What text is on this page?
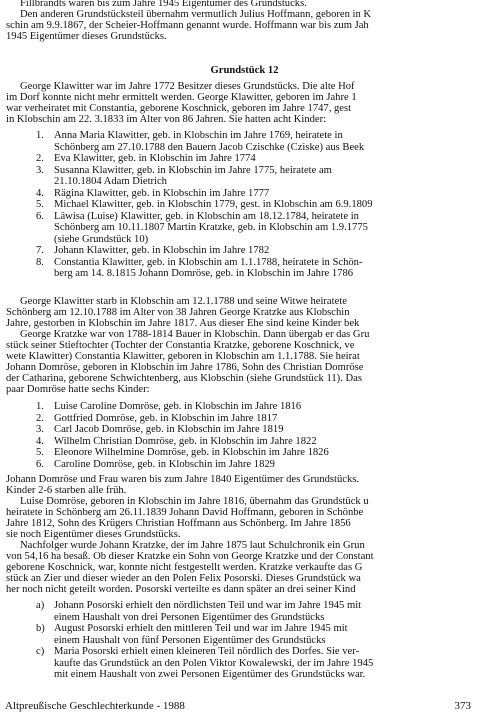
Fillbrandts waren bis zum Jahre 1945 Eigentümer des Grundstücks.

Den anderen Grundstücksteil übernahm vermutlich Julius Hoffmann, geboren in K

schin am 9.9.1867, der Scheier-Hoffmann genannt wurde. Hoffmann war bis zum Jah

1945 Eigentümer dieses Grundstücks.

Grundstück 12

George Klawitter war im Jahre 1772 Besitzer dieses Grundstücks. Die alte Hof

im Dorf konnte nicht mehr ermittelt werden. George Klawitter, geboren im Jahre 1

war verheiratet mit Constantia, geborene Koschnick, geboren im Jahre 1747, gest

in Klobschin am 22. 3.1833 im Alter von 86 Jahren. Sie hatten acht Kinder:

1. Anna Maria Klawitter, geb. in Klobschin im Jahre 1769, heiratete in
Schönberg am 27.10.1788 den Bauern Jacob Czischke (Cziske) aus Beek
2. Eva Klawitter, geb. in Klobschin im Jahre 1774
3. Susanna Klawitter, geb. in Klobschin im Jahre 1775, heiratete am
21.10.1804 Adam Dietrich
4. Rägina Klawitter, geb. in Klobschin im Jahre 1777
5. Michael Klawitter, geb. in Klobschin 1779, gest. in Klobschin am 6.9.1809
6. Läwisa (Luise) Klawitter, geb. in Klobschin am 18.12.1784, heiratete in
Schönberg am 10.11.1807 Martin Kratzke, geb. in Klobschin am 1.9.1775
(siehe Grundstück 10)
7. Johann Klawitter, geb. in Klobschin im Jahre 1782
8. Constantia Klawitter, geb. in Klobschin am 1.1.1788, heiratete in Schön-
berg am 14. 8.1815 Johann Domröse, geb. in Klobschin im Jahre 1786

George Klawitter starb in Klobschin am 12.1.1788 und seine Witwe heiratete

Schönberg am 12.10.1788 im Alter von 38 Jahren George Kratzke aus Klobschin

Jahre, gestorben in Klobschin im Jahre 1817. Aus dieser Ehe sind keine Kinder bek

George Kratzke war von 1788-1814 Bauer in Klobschin. Dann übergab er das Gru

stück seiner Stieftochter (Tochter der Constantia Kratzke, geborene Koschnick, ve

wete Klawitter) Constantia Klawitter, geboren in Klobschin am 1.1.1788. Sie heirat

Johann Domröse, geboren in Klobschin im Jahre 1786, Sohn des Christian Domröse

der Catharina, geborene Schwichtenberg, aus Klobschin (siehe Grundstück 11). Das

paar Domröse hatte sechs Kinder:

1. Luise Caroline Domröse, geb. in Klobschin im Jahre 1816
2. Gottfried Domröse, geb. in Klobschin im Jahre 1817
3. Carl Jacob Domröse, geb. in Klobschin im Jahre 1819
4. Wilhelm Christian Domröse, geb. in Klobschin im Jahre 1822
5. Eleonore Wilhelmine Domröse, geb. in Klobschin im Jahre 1826
6. Caroline Domröse, geb. in Klobschin im Jahre 1829

Johann Domröse und Frau waren bis zum Jahre 1840 Eigentümer des Grundstücks.

Kinder 2-6 starben alle früh.

Luise Domröse, geboren in Klobschin im Jahre 1816, übernahm das Grundstück u

heiratete in Schönberg am 26.11.1839 Johann David Hoffmann, geboren in Schönbe

Jahre 1812, Sohn des Krügers Christian Hoffmann aus Schönberg. Im Jahre 1856

sie noch Eigentümer dieses Grundstücks.

Nachfolger wurde Johann Kratzke, der im Jahre 1875 laut Schulchronik ein Grun

von 54,16 ha besaß. Ob dieser Kratzke ein Sohn von George Kratzke und der Constant

geborene Koschnick, war, konnte nicht festgestellt werden. Kratzke verkaufte das G

stück an Zier und dieser wieder an den Polen Felix Posorski. Dieses Grundstück wa

her noch nicht geteilt worden. Posorski verteilte es dann später an drei seiner Kind

a) Johann Posorski erhielt den nördlichsten Teil und war im Jahre 1945 mit
einem Haushalt von drei Personen Eigentümer des Grundstücks
b) August Posorski erhielt den mittleren Teil und war im Jahre 1945 mit
einem Haushalt von fünf Personen Eigentümer des Grundstücks
c) Maria Posorski erhielt einen kleineren Teil nördlich des Dorfes. Sie ver-
kaufte das Grundstück an den Polen Viktor Kowalewski, der im Jahre 1945
mit einem Haushalt von zwei Personen Eigentümer des Grundstücks war.
Altpreußische Geschlechterkunde - 1988	373
